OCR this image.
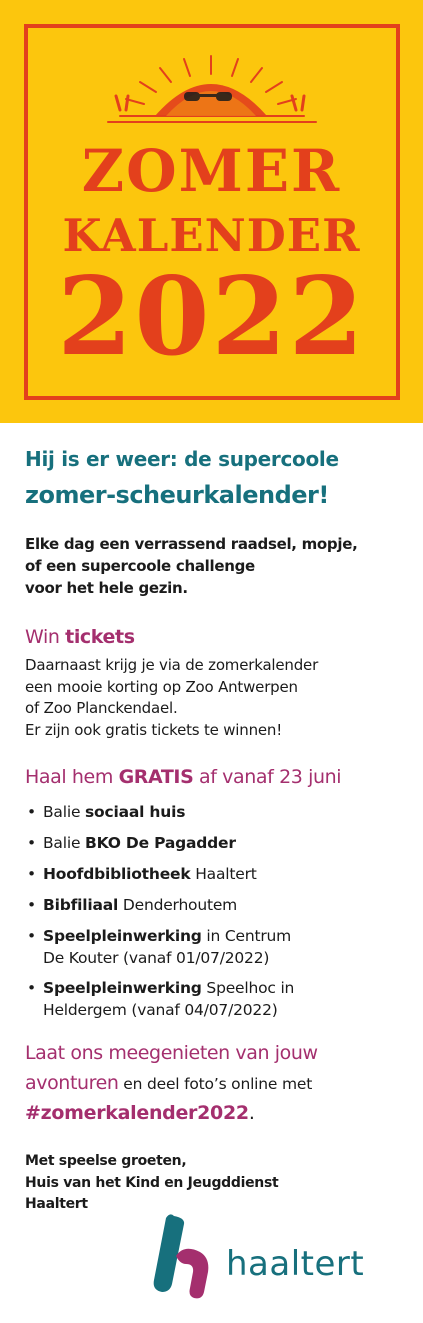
ZOMER
KALENDER
2022
Hij is er weer: de supercoole
zomer-scheurkalender!
Elke dag een verrassend raadsel, mopje,
of een supercoole challenge
voor het hele gezin.
Win tickets
Daarnaast krijg je via de zomerkalender
een mooie korting op Zoo Antwerpen
of Zoo Planckendael.
Er zijn ook gratis tickets te winnen!
Haal hem GRATIS af vanaf 23 juni
• Balie sociaal huis
• Balie BKO De Pagadder
• Hoofdbibliotheek Haaltert
• Bibfiliaal Denderhoutem
• Speelpleinwerking in Centrum
De Kouter (vanaf 01/07/2022)
• Speelpleinwerking Speelhoc in
Heldergem (vanaf 04/07/2022)
Laat ons meegenieten van jouw
avonturen en deel foto’s online met
#zomerkalender2022.
Met speelse groeten,
Huis van het Kind en Jeugddienst
Haaltert
haaltert
